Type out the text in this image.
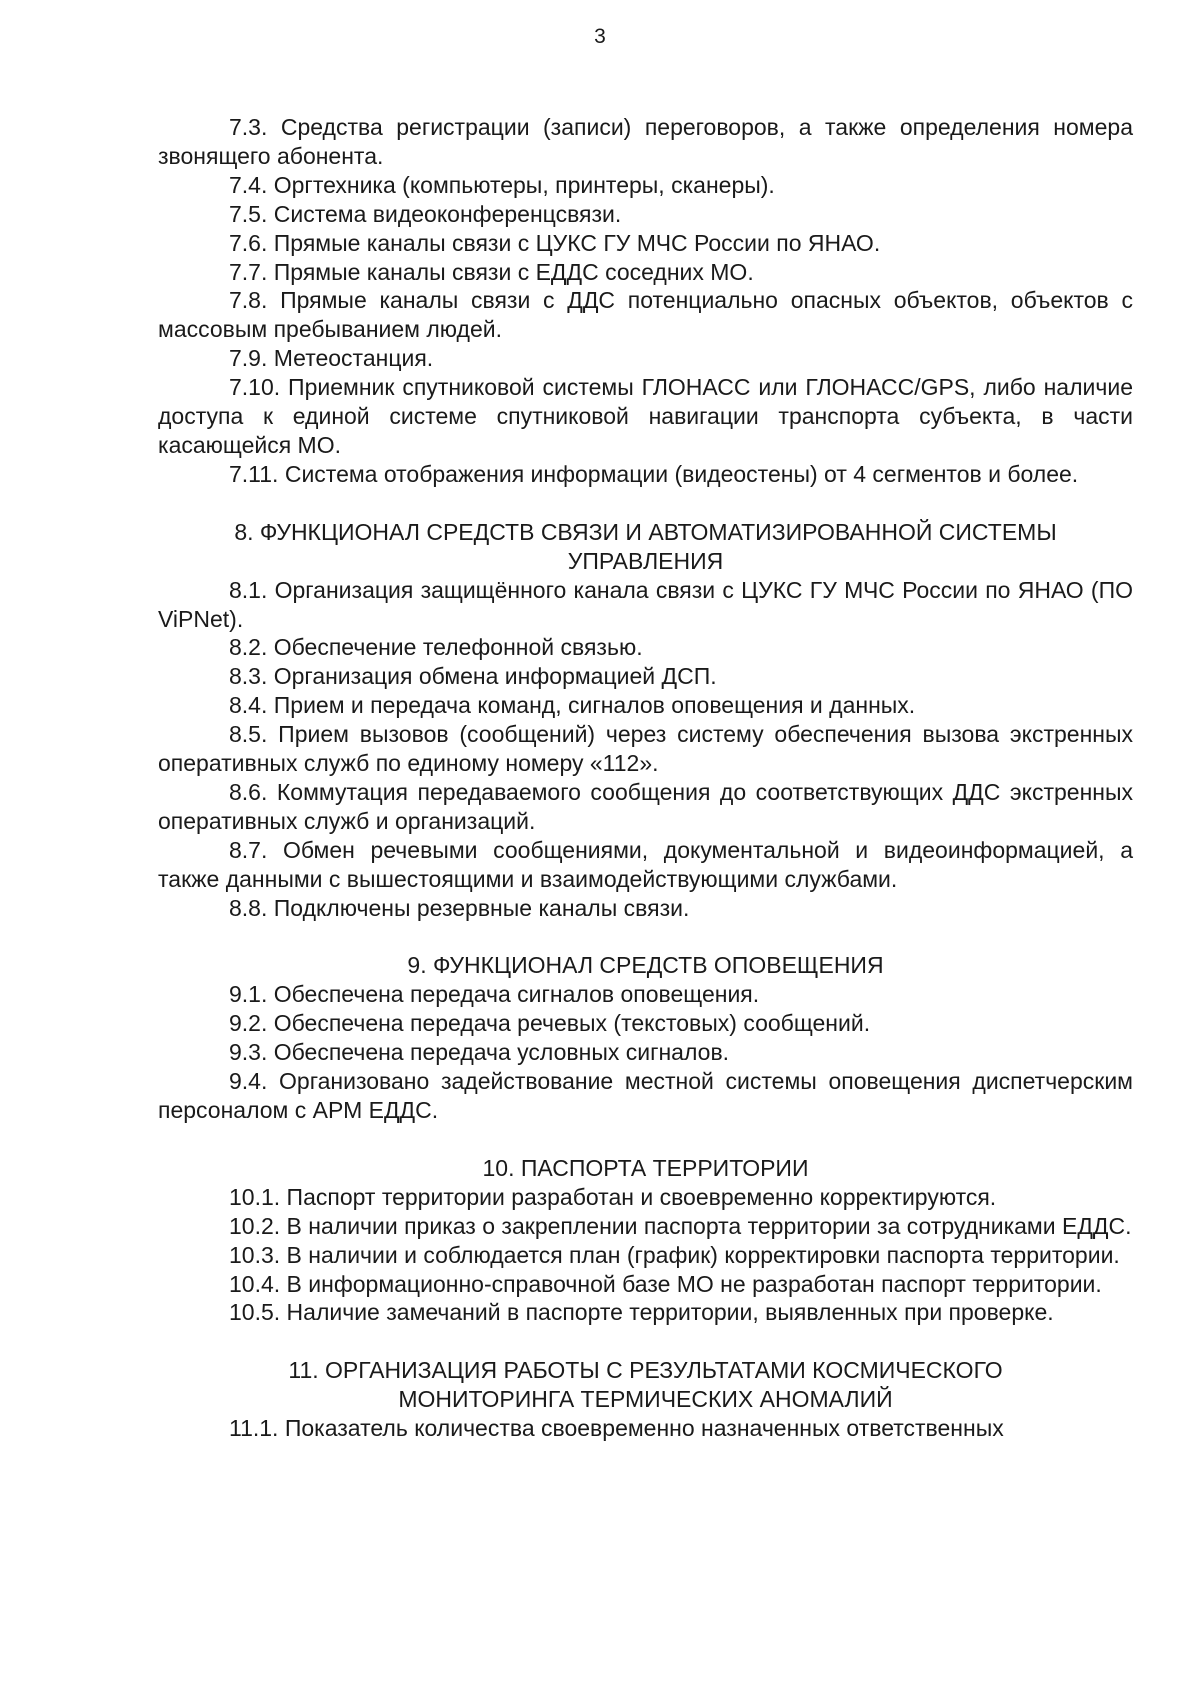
3

7.3. Средства регистрации (записи) переговоров, а также определения номера звонящего абонента.

7.4. Оргтехника (компьютеры, принтеры, сканеры).

7.5. Система видеоконференцсвязи.

7.6. Прямые каналы связи с ЦУКС ГУ МЧС России по ЯНАО.

7.7. Прямые каналы связи с ЕДДС соседних МО.

7.8. Прямые каналы связи с ДДС потенциально опасных объектов, объектов с массовым пребыванием людей.

7.9. Метеостанция.

7.10. Приемник спутниковой системы ГЛОНАСС или ГЛОНАСС/GPS, либо наличие доступа к единой системе спутниковой навигации транспорта субъекта, в части касающейся МО.

7.11. Система отображения информации (видеостены) от 4 сегментов и более.

8. ФУНКЦИОНАЛ СРЕДСТВ СВЯЗИ И АВТОМАТИЗИРОВАННОЙ СИСТЕМЫ
УПРАВЛЕНИЯ

8.1. Организация защищённого канала связи с ЦУКС ГУ МЧС России по ЯНАО (ПО ViPNet).

8.2. Обеспечение телефонной связью.

8.3. Организация обмена информацией ДСП.

8.4. Прием и передача команд, сигналов оповещения и данных.

8.5. Прием вызовов (сообщений) через систему обеспечения вызова экстренных оперативных служб по единому номеру «112».

8.6. Коммутация передаваемого сообщения до соответствующих ДДС экстренных оперативных служб и организаций.

8.7. Обмен речевыми сообщениями, документальной и видеоинформацией, а также данными с вышестоящими и взаимодействующими службами.

8.8. Подключены резервные каналы связи.

9. ФУНКЦИОНАЛ СРЕДСТВ ОПОВЕЩЕНИЯ

9.1. Обеспечена передача сигналов оповещения.

9.2. Обеспечена передача речевых (текстовых) сообщений.

9.3. Обеспечена передача условных сигналов.

9.4. Организовано задействование местной системы оповещения диспетчерским персоналом с АРМ ЕДДС.

10. ПАСПОРТА ТЕРРИТОРИИ

10.1. Паспорт территории разработан и своевременно корректируются.

10.2. В наличии приказ о закреплении паспорта территории за сотрудниками ЕДДС.

10.3. В наличии и соблюдается план (график) корректировки паспорта территории.

10.4. В информационно-справочной базе МО не разработан паспорт территории.

10.5. Наличие замечаний в паспорте территории, выявленных при проверке.

11. ОРГАНИЗАЦИЯ РАБОТЫ С РЕЗУЛЬТАТАМИ КОСМИЧЕСКОГО
МОНИТОРИНГА ТЕРМИЧЕСКИХ АНОМАЛИЙ

11.1. Показатель количества своевременно назначенных ответственных
